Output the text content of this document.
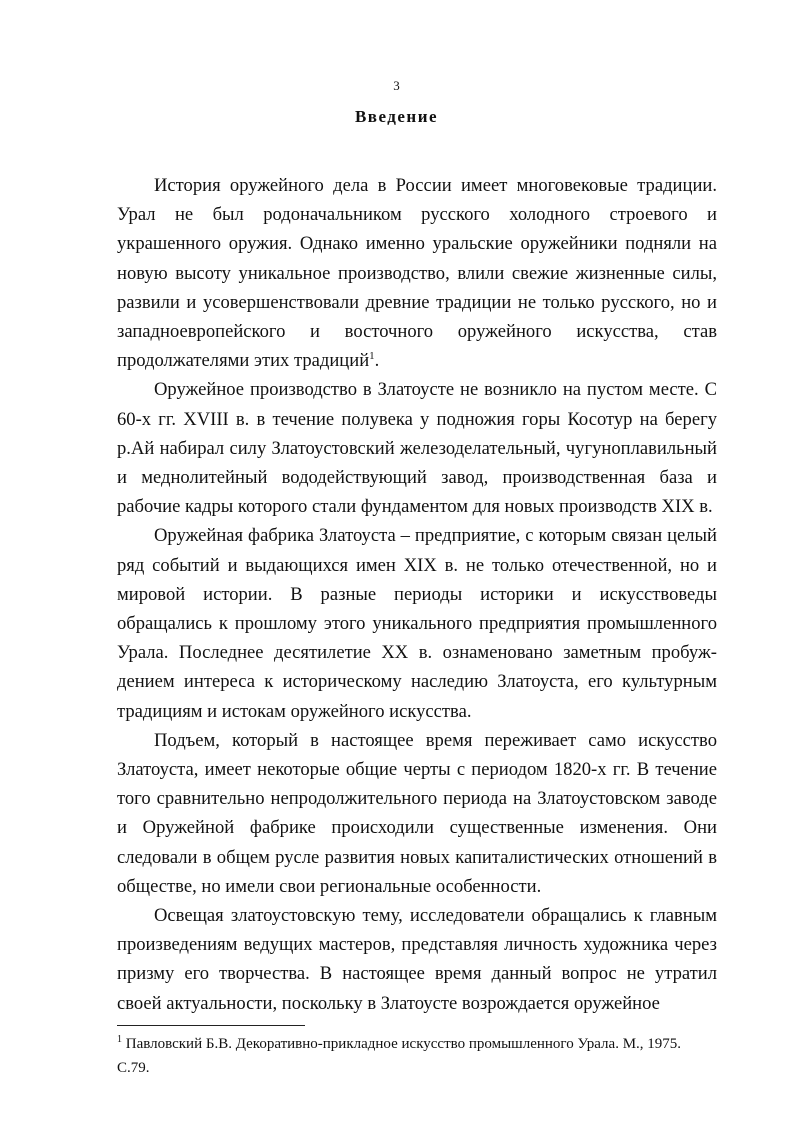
3
Введение

История оружейного дела в России имеет многовековые традиции. Урал не был родоначальником русского холодного строевого и украшенного оружия. Однако именно уральские оружейники подняли на новую высоту уникальное производство, влили свежие жизненные силы, развили и усовершенствовали древние традиции не только русского, но и западноевропейского и восточного оружейного искусства, став продолжателями этих традиций$^1$.

Оружейное производство в Златоусте не возникло на пустом месте. С 60-х гг. XVIII в. в течение полувека у подножия горы Косотур на берегу р.Ай набирал силу Златоустовский железоделательный, чугуноплавильный и меднолитейный вододействующий завод, производственная база и рабочие кадры которого стали фундаментом для новых производств XIX в.

Оружейная фабрика Златоуста – предприятие, с которым связан целый ряд событий и выдающихся имен XIX в. не только отечественной, но и мировой истории. В разные периоды историки и искусствоведы обращались к прошлому этого уникального предприятия промышленного Урала. Последнее десятилетие XX в. ознаменовано заметным пробуж-дением интереса к историческому наследию Златоуста, его культурным традициям и истокам оружейного искусства.

Подъем, который в настоящее время переживает само искусство Златоуста, имеет некоторые общие черты с периодом 1820-х гг. В течение того сравнительно непродолжительного периода на Златоустовском заводе и Оружейной фабрике происходили существенные изменения. Они следовали в общем русле развития новых капиталистических отношений в обществе, но имели свои региональные особенности.

Освещая златоустовскую тему, исследователи обращались к главным произведениям ведущих мастеров, представляя личность художника через призму его творчества. В настоящее время данный вопрос не утратил своей актуальности, поскольку в Златоусте возрождается оружейное

$^1$ Павловский Б.В. Декоративно-прикладное искусство промышленного Урала. М., 1975. С.79.
